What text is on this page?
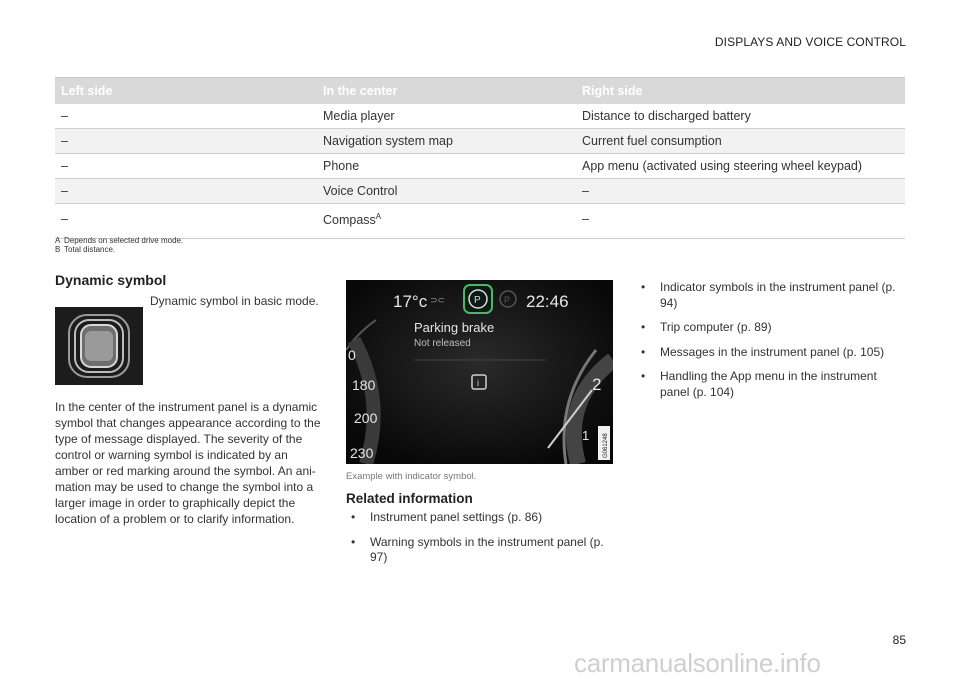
DISPLAYS AND VOICE CONTROL
Left side	In the center	Right side
–	Media player	Distance to discharged battery
–	Navigation system map	Current fuel consumption
–	Phone	App menu (activated using steering wheel keypad)
–	Voice Control	–
–	Compass$^A$	–
A Depends on selected drive mode.
B Total distance.
Dynamic symbol
Dynamic symbol in basic mode.
In the center of the instrument panel is a dynamic symbol that changes appearance according to the type of message displayed. The severity of the control or warning symbol is indicated by an amber or red marking around the symbol. An ani-mation may be used to change the symbol into a larger image in order to graphically depict the location of a problem or to clarify information.
P	P
⊃⊂
17°c	22:46
Parking brake
Not released
i
0
180
200
230
2
1 G061248
Example with indicator symbol.
Related information
• Instrument panel settings (p. 86)
• Warning symbols in the instrument panel (p. 97)
• Indicator symbols in the instrument panel (p. 94)
• Trip computer (p. 89)
• Messages in the instrument panel (p. 105)
• Handling the App menu in the instrument panel (p. 104)
85
carmanualsonline.info
